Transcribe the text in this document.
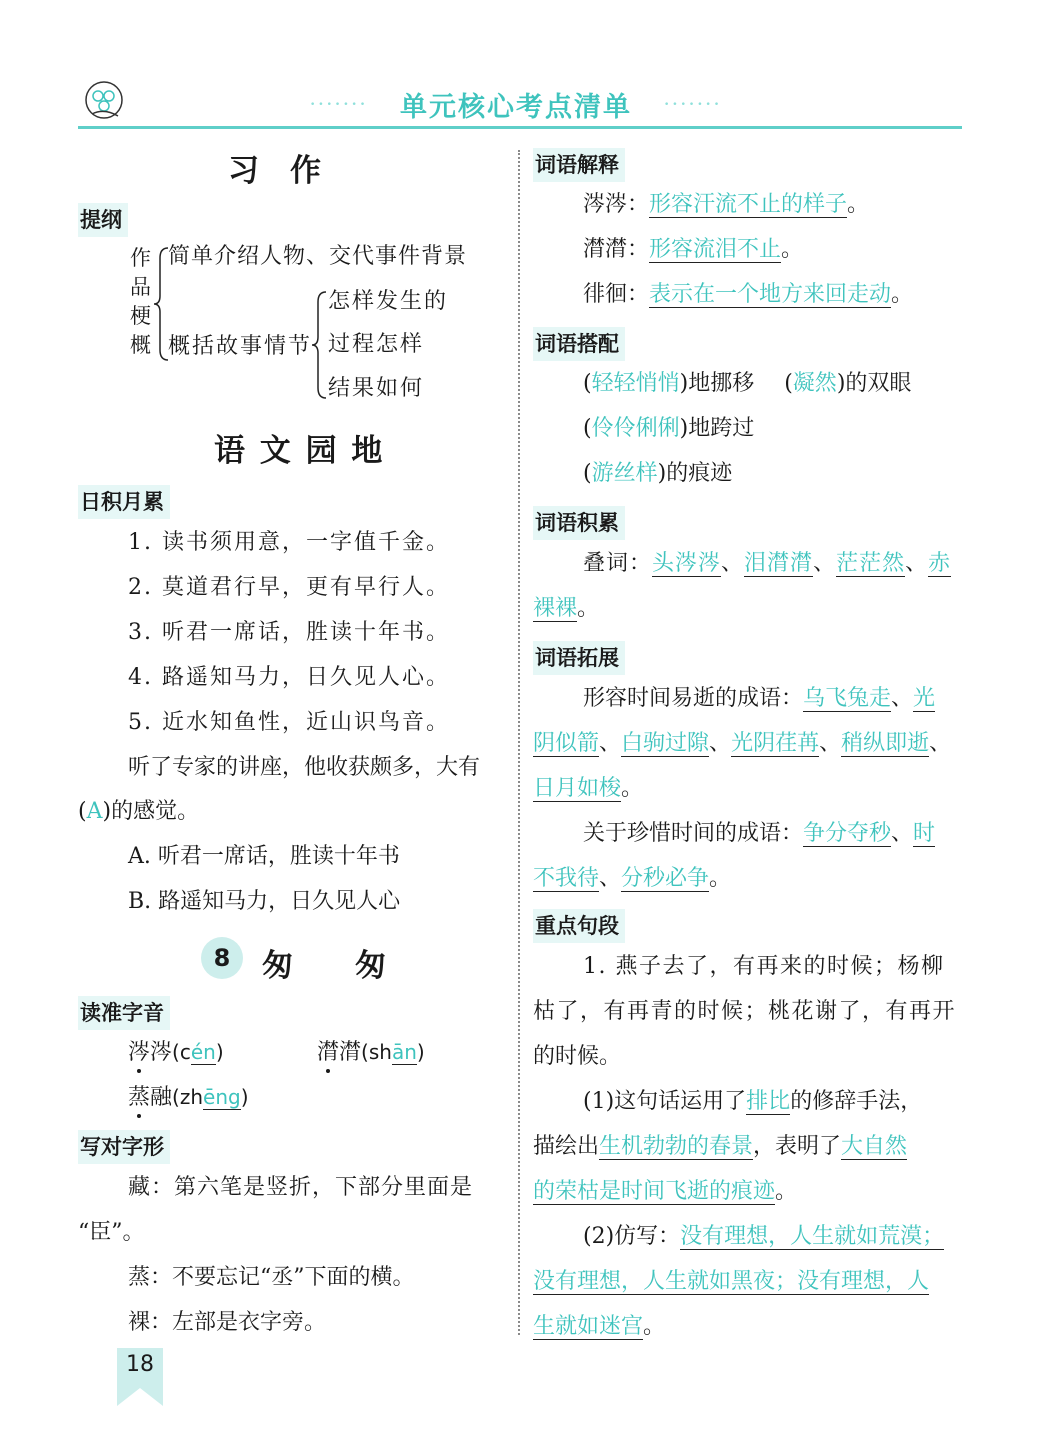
••••••• 单元核心考点清单	•••••••
习　作
提纲
作
品
梗
概
简单介绍人物、交代事件背景
概括故事情节
怎样发生的
过程怎样
结果如何
语 文 园 地
日积月累
1. 读书须用意，一字值千金。
2. 莫道君行早，更有早行人。
3. 听君一席话，胜读十年书。
4. 路遥知马力，日久见人心。
5. 近水知鱼性，近山识鸟音。
听了专家的讲座，他收获颇多，大有
(A)的感觉。
A. 听君一席话，胜读十年书
B. 路遥知马力，日久见人心
8	匆　　匆
读准字音
涔涔(cén)	潸潸(shān)
蒸融(zhēng)
写对字形
藏：第六笔是竖折，下部分里面是
“臣”。
蒸：不要忘记“丞”下面的横。
裸：左部是衣字旁。
词语解释
涔涔：形容汗流不止的样子。
潸潸：形容流泪不止。
徘徊：表示在一个地方来回走动。
词语搭配
(轻轻悄悄)地挪移 (凝然)的双眼
(伶伶俐俐)地跨过
(游丝样)的痕迹
词语积累
叠词：头涔涔、泪潸潸、茫茫然、赤
裸裸。
词语拓展
形容时间易逝的成语：乌飞兔走、光
阴似箭、白驹过隙、光阴荏苒、稍纵即逝、
日月如梭。
关于珍惜时间的成语：争分夺秒、时
不我待、分秒必争。
重点句段
1. 燕子去了，有再来的时候；杨柳
枯了，有再青的时候；桃花谢了，有再开
的时候。
(1)这句话运用了排比的修辞手法，
描绘出生机勃勃的春景，表明了大自然
的荣枯是时间飞逝的痕迹。
(2)仿写：没有理想，人生就如荒漠；
没有理想，人生就如黑夜；没有理想，人
生就如迷宫。
18
